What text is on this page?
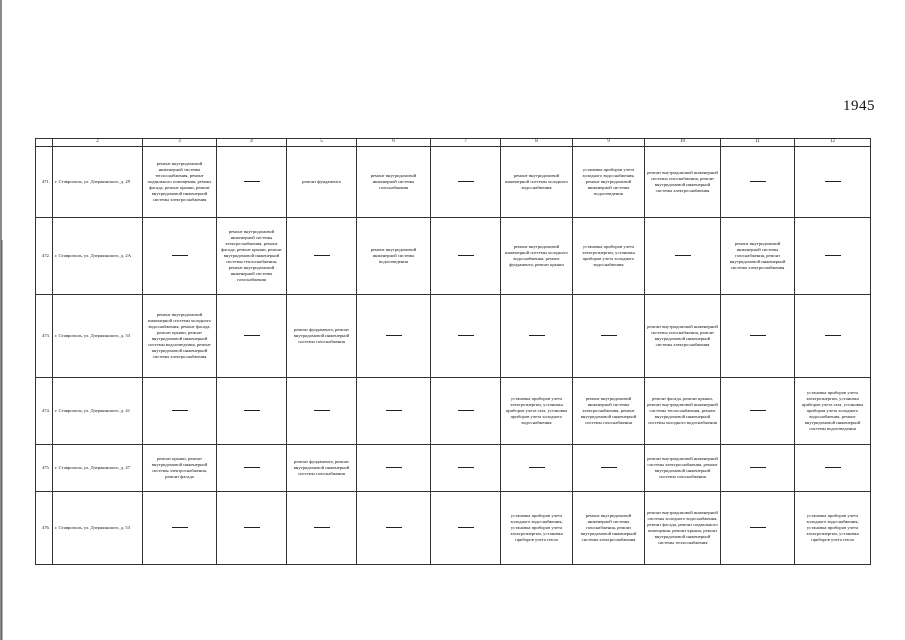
1945
	2	3	4	5	6	7	8	9	10	11	12
471.	г. Ставрополь, ул. Дзержинского, д. 29	ремонт внутридомовой инженерной системы теплоснабжения, ремонт подвального помещения, ремонт фасада, ремонт крыши, ремонт внутридомовой инженерной системы электроснабжения		ремонт фундамента	ремонт внутридомовой инженерной системы газоснабжения		ремонт внутридомовой инженерной системы холодного водоснабжения	установка приборов учета холодного водоснабжения, ремонт внутридомовой инженерной системы водоотведения	ремонт внутридомовой инженерной системы газоснабжения, ремонт внутридомовой инженерной системы электроснабжения		
472.	г. Ставрополь, ул. Дзержинского, д. 2А		ремонт внутридомовой инженерной системы электроснабжения, ремонт фасада, ремонт крыши, ремонт внутридомовой инженерной системы теплоснабжения, ремонт внутридомовой инженерной системы газоснабжения		ремонт внутридомовой инженерной системы водоотведения		ремонт внутридомовой инженерной системы холодного водоснабжения, ремонт фундамента, ремонт крыши	установка приборов учета электроэнергии, установка приборов учета холодного водоснабжения		ремонт внутридомовой инженерной системы газоснабжения, ремонт внутридомовой инженерной системы электроснабжения	
473.	г. Ставрополь, ул. Дзержинского, д. 33	ремонт внутридомовой инженерной системы холодного водоснабжения, ремонт фасада, ремонт крыши, ремонт внутридомовой инженерной системы водоотведения, ремонт внутридомовой инженерной системы электроснабжения		ремонт фундамента, ремонт внутридомовой инженерной системы газоснабжения					ремонт внутридомовой инженерной системы газоснабжения, ремонт внутридомовой инженерной системы электроснабжения		
474.	г. Ставрополь, ул. Дзержинского, д. 41						установка приборов учета электроэнергии, установка приборов учета газа, установка приборов учета холодного водоснабжения	ремонт внутридомовой инженерной системы электроснабжения, ремонт внутридомовой инженерной системы газоснабжения	ремонт фасада, ремонт крыши, ремонт внутридомовой инженерной системы теплоснабжения, ремонт внутридомовой инженерной системы холодного водоснабжения		установка приборов учета электроэнергии, установка приборов учета газа, установка приборов учета холодного водоснабжения, ремонт внутридомовой инженерной системы водоотведения
475.	г. Ставрополь, ул. Дзержинского, д. 47	ремонт крыши, ремонт внутридомовой инженерной системы электроснабжения, ремонт фасада		ремонт фундамента, ремонт внутридомовой инженерной системы газоснабжения					ремонт внутридомовой инженерной системы электроснабжения, ремонт внутридомовой инженерной системы газоснабжения		
476.	г. Ставрополь, ул. Дзержинского, д. 53						установка приборов учета холодного водоснабжения, установка приборов учета электроэнергии, установка приборов учета тепла	ремонт внутридомовой инженерной системы газоснабжения, ремонт внутридомовой инженерной системы электроснабжения	ремонт внутридомовой инженерной системы холодного водоснабжения, ремонт фасада, ремонт подвального помещения, ремонт крыши, ремонт внутридомовой инженерной системы теплоснабжения		установка приборов учета холодного водоснабжения, установка приборов учета электроэнергии, установка приборов учета тепла
